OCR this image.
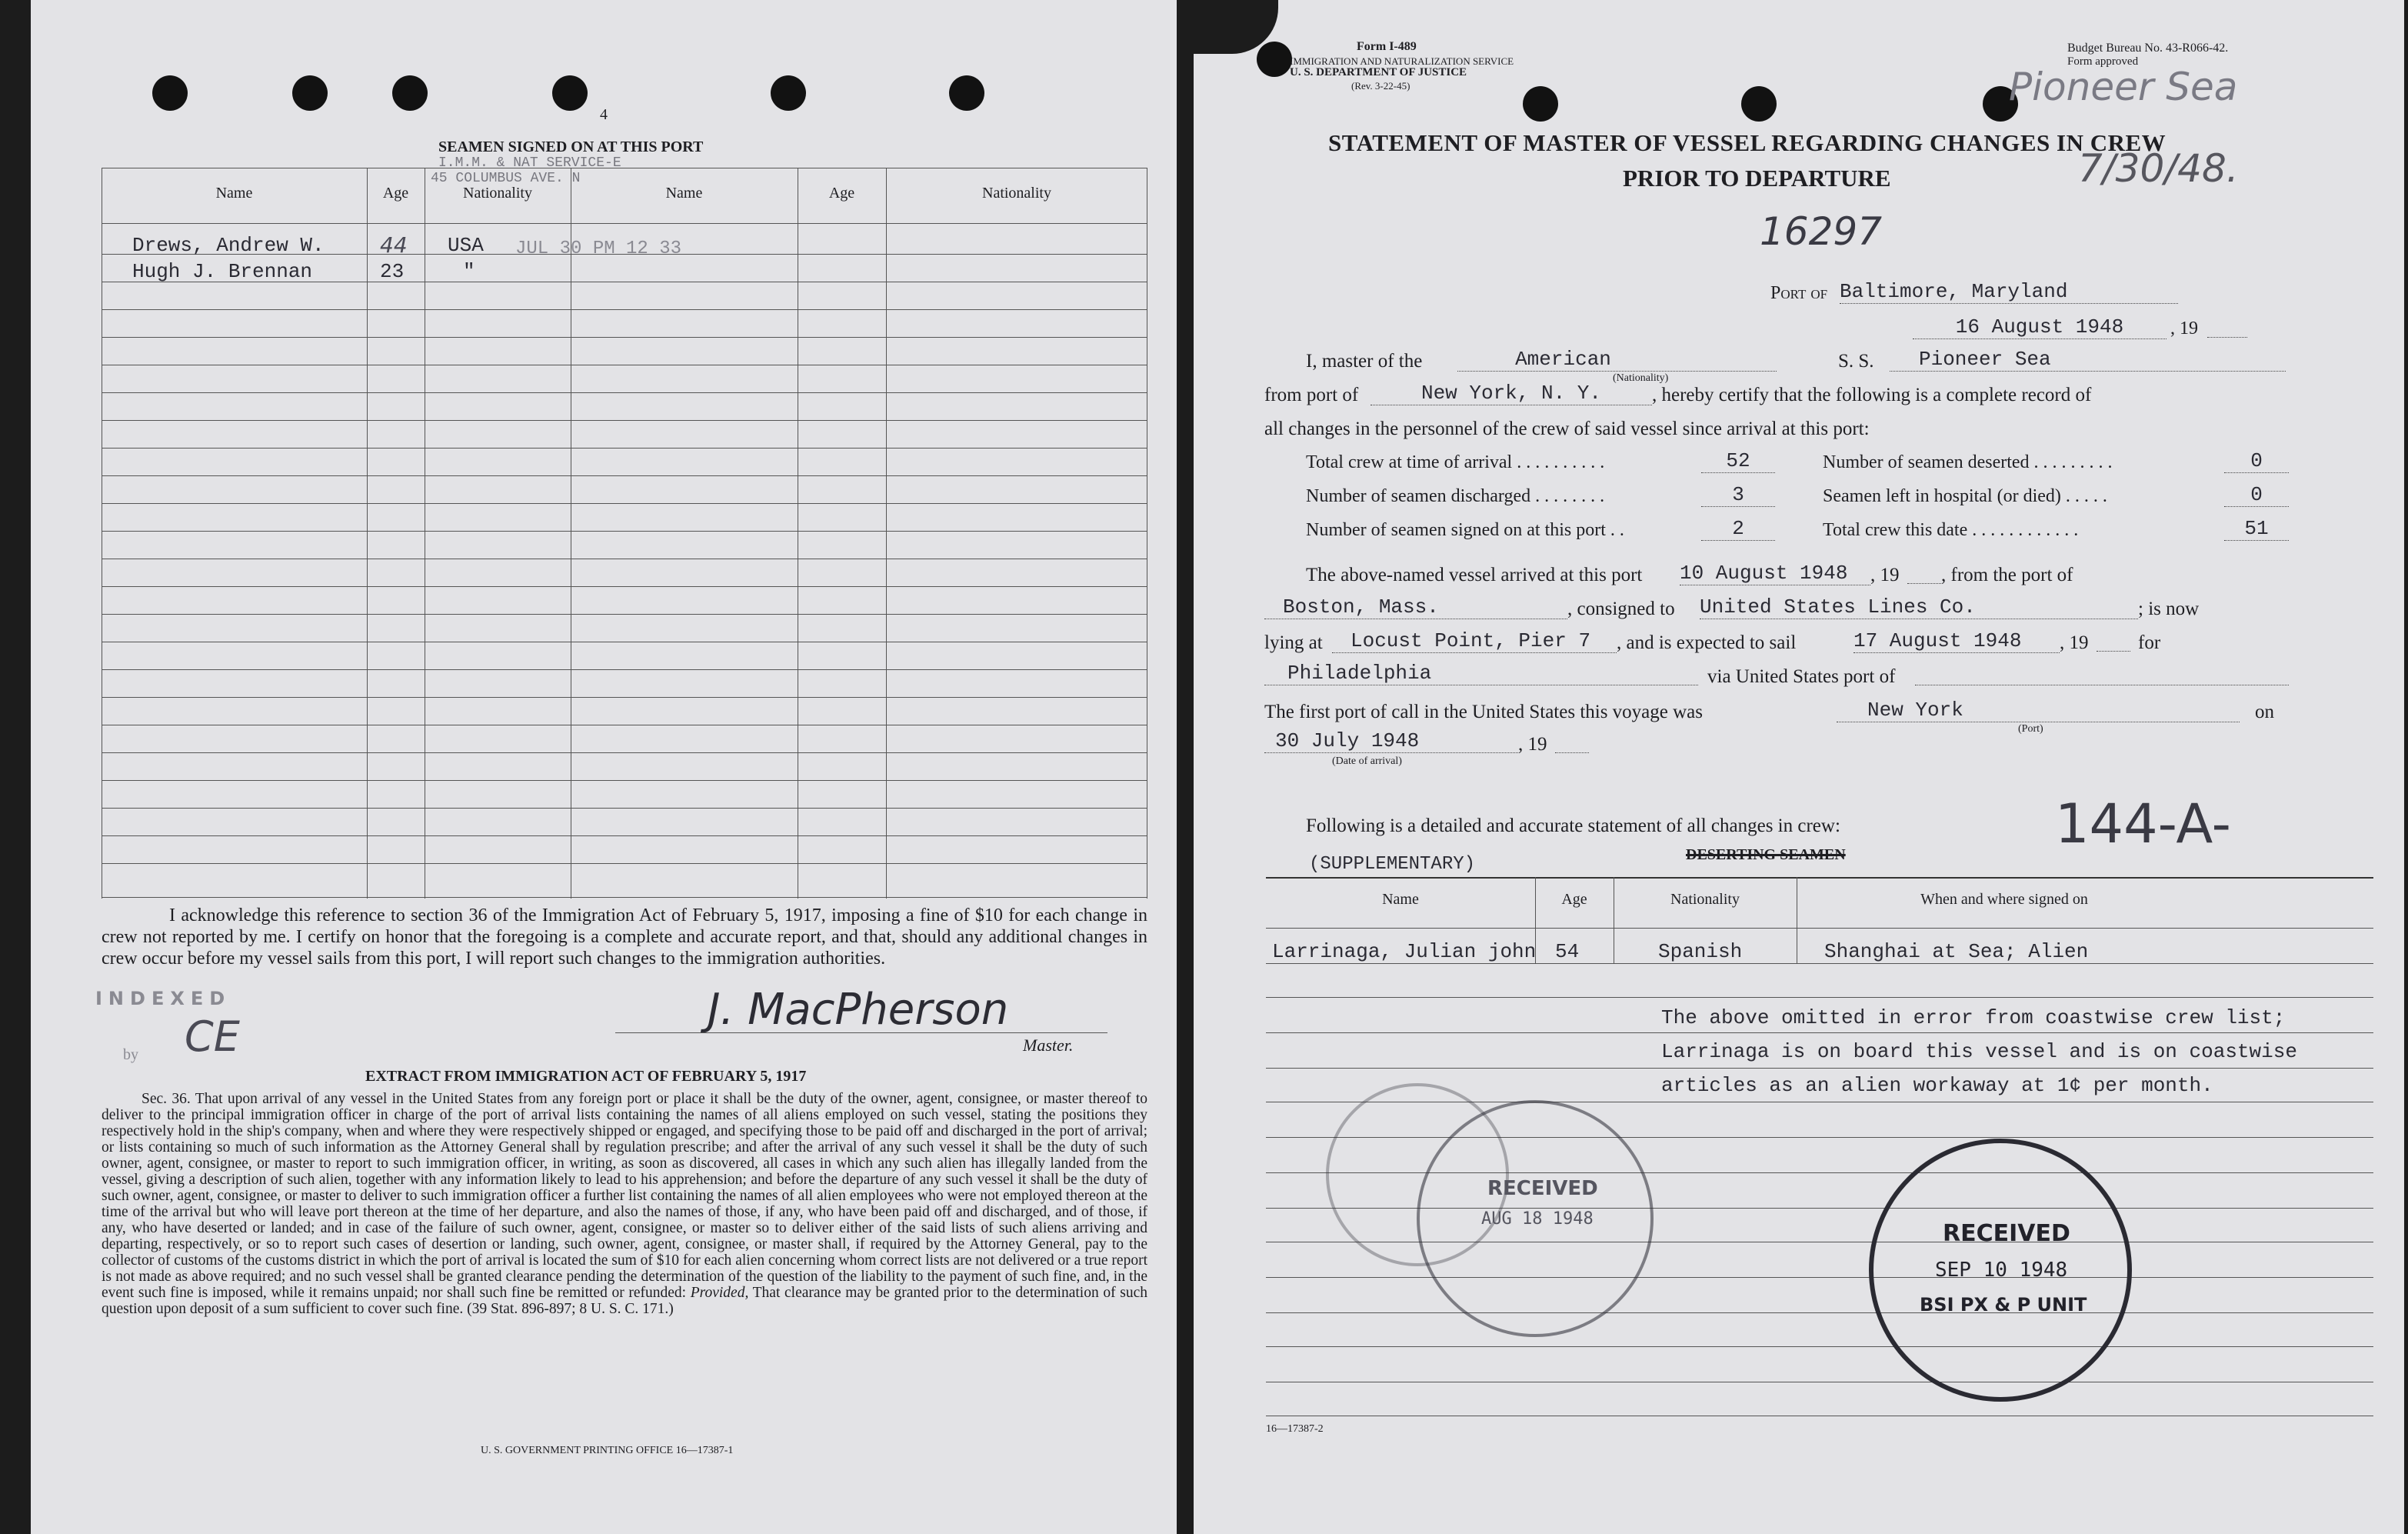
4
SEAMEN SIGNED ON AT THIS PORT
I.M.M. & NAT SERVICE-E
45 COLUMBUS AVE. N
JUL 30 PM 12 33
Name	Age	Nationality	Name	Age	Nationality
Drews, Andrew W.	44 USA
Hugh J. Brennan	23	"
I acknowledge this reference to section 36 of the Immigration Act of February 5, 1917, imposing a fine of $10 for each change in crew not reported by me. I certify on honor that the foregoing is a complete and accurate report, and that, should any additional changes in crew occur before my vessel sails from this port, I will report such changes to the immigration authorities.
INDEXED
by CE
J. MacPherson
Master.
EXTRACT FROM IMMIGRATION ACT OF FEBRUARY 5, 1917
Sec. 36. That upon arrival of any vessel in the United States from any foreign port or place it shall be the duty of the owner, agent, consignee, or master thereof to deliver to the principal immigration officer in charge of the port of arrival lists containing the names of all aliens employed on such vessel, stating the positions they respectively hold in the ship's company, when and where they were respectively shipped or engaged, and specifying those to be paid off and discharged in the port of arrival; or lists containing so much of such information as the Attorney General shall by regulation prescribe; and after the arrival of any such vessel it shall be the duty of such owner, agent, consignee, or master to report to such immigration officer, in writing, as soon as discovered, all cases in which any such alien has illegally landed from the vessel, giving a description of such alien, together with any information likely to lead to his apprehension; and before the departure of any such vessel it shall be the duty of such owner, agent, consignee, or master to deliver to such immigration officer a further list containing the names of all alien employees who were not employed thereon at the time of the arrival but who will leave port thereon at the time of her departure, and also the names of those, if any, who have been paid off and discharged, and of those, if any, who have deserted or landed; and in case of the failure of such owner, agent, consignee, or master so to deliver either of the said lists of such aliens arriving and departing, respectively, or so to report such cases of desertion or landing, such owner, agent, consignee, or master shall, if required by the Attorney General, pay to the collector of customs of the customs district in which the port of arrival is located the sum of $10 for each alien concerning whom correct lists are not delivered or a true report is not made as above required; and no such vessel shall be granted clearance pending the determination of the question of the liability to the payment of such fine, and, in the event such fine is imposed, while it remains unpaid; nor shall such fine be remitted or refunded: Provided, That clearance may be granted prior to the determination of such question upon deposit of a sum sufficient to cover such fine. (39 Stat. 896-897; 8 U. S. C. 171.)
U. S. GOVERNMENT PRINTING OFFICE 16—17387-1
Form I-489
IMMIGRATION AND NATURALIZATION SERVICE
U. S. DEPARTMENT OF JUSTICE
(Rev. 3-22-45)
Budget Bureau No. 43-R066-42.
Form approved
Pioneer Sea
7/30/48.
STATEMENT OF MASTER OF VESSEL REGARDING CHANGES IN CREW
PRIOR TO DEPARTURE
16297
Port of Baltimore, Maryland
16 August 1948	, 19
I, master of the	American
(Nationality)
S. S.	Pioneer Sea
from port of	New York, N. Y.	, hereby certify that the following is a complete record of
all changes in the personnel of the crew of said vessel since arrival at this port:
Total crew at time of arrival . . . . . . . . . .	52
Number of seamen discharged . . . . . . . .	3
Number of seamen signed on at this port . .	2
Number of seamen deserted . . . . . . . . .	0
Seamen left in hospital (or died) . . . . .	0
Total crew this date . . . . . . . . . . . .	51
The above-named vessel arrived at this port 10 August 1948	, 19 , from the port of
Boston, Mass.	, consigned to United States Lines Co.	; is now
lying at	Locust Point, Pier 7	, and is expected to sail	17 August 1948	, 19	for
Philadelphia	via United States port of
The first port of call in the United States this voyage was	New York
(Port)
on
30 July 1948
(Date of arrival)
, 19
Following is a detailed and accurate statement of all changes in crew:	144-A-
(SUPPLEMENTARY)	DESERTING SEAMEN
Name	Age	Nationality	When and where signed on
Larrinaga, Julian john 54	Spanish	Shanghai at Sea; Alien
The above omitted in error from coastwise crew list;
Larrinaga is on board this vessel and is on coastwise
articles as an alien workaway at 1¢ per month.
RECEIVED
AUG 18 1948
RECEIVED
SEP 10 1948
BSI PX & P UNIT
16—17387-2
